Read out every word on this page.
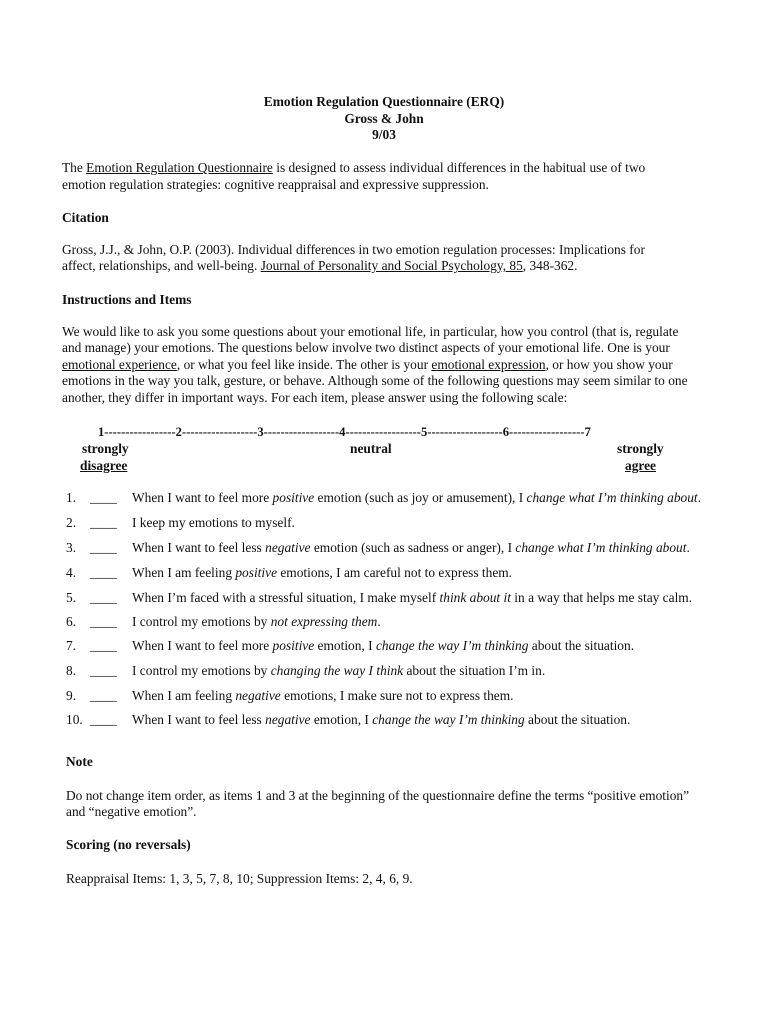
Emotion Regulation Questionnaire (ERQ)
Gross & John
9/03
The Emotion Regulation Questionnaire is designed to assess individual differences in the habitual use of two
emotion regulation strategies: cognitive reappraisal and expressive suppression.
Citation
Gross, J.J., & John, O.P. (2003). Individual differences in two emotion regulation processes: Implications for
affect, relationships, and well-being. Journal of Personality and Social Psychology, 85, 348-362.
Instructions and Items
We would like to ask you some questions about your emotional life, in particular, how you control (that is, regulate
and manage) your emotions. The questions below involve two distinct aspects of your emotional life. One is your
emotional experience, or what you feel like inside. The other is your emotional expression, or how you show your
emotions in the way you talk, gesture, or behave. Although some of the following questions may seem similar to one
another, they differ in important ways. For each item, please answer using the following scale:
1-----------------2------------------3------------------4------------------5------------------6------------------7
strongly
disagree
neutral	strongly
agree
1. ____ When I want to feel more positive emotion (such as joy or amusement), I change what I’m thinking about.
2. ____ I keep my emotions to myself.
3. ____ When I want to feel less negative emotion (such as sadness or anger), I change what I’m thinking about.
4. ____ When I am feeling positive emotions, I am careful not to express them.
5. ____ When I’m faced with a stressful situation, I make myself think about it in a way that helps me stay calm.
6. ____ I control my emotions by not expressing them.
7. ____ When I want to feel more positive emotion, I change the way I’m thinking about the situation.
8. ____ I control my emotions by changing the way I think about the situation I’m in.
9. ____ When I am feeling negative emotions, I make sure not to express them.
10. ____ When I want to feel less negative emotion, I change the way I’m thinking about the situation.
Note
Do not change item order, as items 1 and 3 at the beginning of the questionnaire define the terms “positive emotion”
and “negative emotion”.
Scoring (no reversals)
Reappraisal Items: 1, 3, 5, 7, 8, 10; Suppression Items: 2, 4, 6, 9.
